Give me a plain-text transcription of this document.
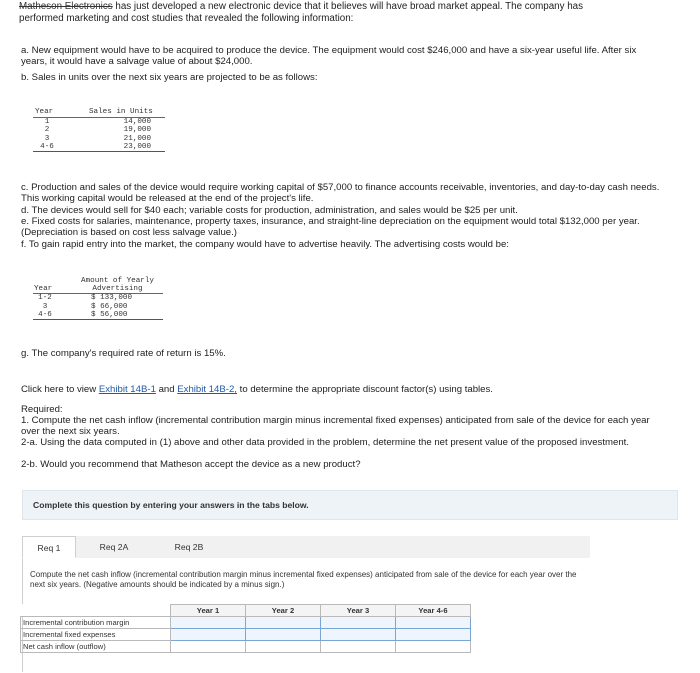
Matheson Electronics has just developed a new electronic device that it believes will have broad market appeal. The company has
performed marketing and cost studies that revealed the following information:
a. New equipment would have to be acquired to produce the device. The equipment would cost $246,000 and have a six-year useful life. After six years, it would have a salvage value of about $24,000.
b. Sales in units over the next six years are projected to be as follows:
Year	Sales in Units
1	14,000
2	19,000
3	21,000
4-6	23,000
c. Production and sales of the device would require working capital of $57,000 to finance accounts receivable, inventories, and day-to-day cash needs. This working capital would be released at the end of the project's life.
d. The devices would sell for $40 each; variable costs for production, administration, and sales would be $25 per unit.
e. Fixed costs for salaries, maintenance, property taxes, insurance, and straight-line depreciation on the equipment would total $132,000 per year. (Depreciation is based on cost less salvage value.)
f. To gain rapid entry into the market, the company would have to advertise heavily. The advertising costs would be:
Year
Amount of Yearly
Advertising
1-2	$ 133,000
3	$ 66,000
4-6	$ 56,000
g. The company's required rate of return is 15%.
Click here to view Exhibit 14B-1 and Exhibit 14B-2, to determine the appropriate discount factor(s) using tables.
Required:
1. Compute the net cash inflow (incremental contribution margin minus incremental fixed expenses) anticipated from sale of the device for each year over the next six years.
2-a. Using the data computed in (1) above and other data provided in the problem, determine the net present value of the proposed investment.
2-b. Would you recommend that Matheson accept the device as a new product?
Complete this question by entering your answers in the tabs below.
Req 1	Req 2A	Req 2B
Compute the net cash inflow (incremental contribution margin minus incremental fixed expenses) anticipated from sale of the device for each year over the next six years. (Negative amounts should be indicated by a minus sign.)
	Year 1	Year 2	Year 3	Year 4-6
Incremental contribution margin				
Incremental fixed expenses				
Net cash inflow (outflow)				
